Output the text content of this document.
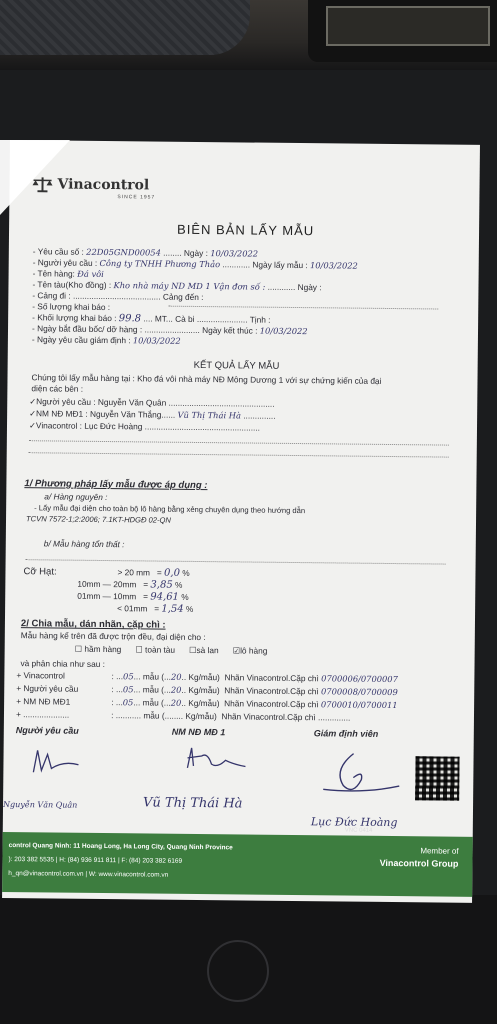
Vinacontrol
SINCE 1957
BIÊN BẢN LẤY MẪU
- Yêu cầu số : 22D05GND00054 ........ Ngày : 10/03/2022
- Người yêu cầu : Công ty TNHH Phương Thảo ............ Ngày lấy mẫu : 10/03/2022
- Tên hàng: Đá vôi
- Tên tàu(Kho đồng) : Kho nhà máy ND MD 1 Vận đơn số : ............ Ngày :
- Cảng đi : ...................................... Cảng đến :
- Số lượng khai báo :
- Khối lượng khai báo : 99.8 .... MT... Cà bi ...................... Tịnh :
- Ngày bắt đầu bốc/ dỡ hàng : ........................ Ngày kết thúc : 10/03/2022
- Ngày yêu cầu giám định : 10/03/2022
KẾT QUẢ LẤY MẪU
Chúng tôi lấy mẫu hàng tại : Kho đá vôi nhà máy NĐ Mông Dương 1 với sự chứng kiến của đại
diện các bên :
✓Người yêu cầu : Nguyễn Văn Quân ..............................................
✓NM NĐ MĐ1 : Nguyễn Văn Thắng...... Vũ Thị Thái Hà ..............
✓Vinacontrol : Lục Đức Hoàng ..................................................
1/ Phương pháp lấy mẫu được áp dụng :
a/ Hàng nguyên :
- Lấy mẫu đại diện cho toàn bộ lô hàng bằng xẻng chuyên dụng theo hướng dẫn
TCVN 7572-1;2:2006; 7.1KT-HDGĐ 02-QN
b/ Mẫu hàng tổn thất :
Cỡ Hạt:	> 20 mm   = 0,0 %
10mm — 20mm   = 3,85 %
01mm — 10mm   = 94,61 %
< 01mm   = 1,54 %
2/ Chia mẫu, dán nhãn, cặp chì :
Mẫu hàng kể trên đã được trộn đều, đại diện cho :
☐ hầm hàng ☐ toàn tàu ☐sà lan ☑lô hàng
và phân chia như sau :
+ Vinacontrol	: ...05... mẫu (...20.. Kg/mẫu) Nhãn Vinacontrol.Cặp chì 0700006/0700007
+ Người yêu cầu	: ...05... mẫu (...20.. Kg/mẫu) Nhãn Vinacontrol.Cặp chì 0700008/0700009
+ NM NĐ MĐ1	: ...05... mẫu (...20.. Kg/mẫu) Nhãn Vinacontrol.Cặp chì 0700010/0700011
+ ....................	: ........... mẫu (........ Kg/mẫu) Nhãn Vinacontrol.Cặp chì ..............
Người yêu cầu	NM NĐ MĐ 1	Giám định viên
Nguyễn Văn Quân	Vũ Thị Thái Hà
Lục Đức Hoàng
VNC 0414
control Quang Ninh: 11 Hoang Long, Ha Long City, Quang Ninh Province
): 203 382 5535 | H: (84) 936 911 811 | F: (84) 203 382 6169
h_qn@vinacontrol.com.vn | W: www.vinacontrol.com.vn
Member of
Vinacontrol Group
